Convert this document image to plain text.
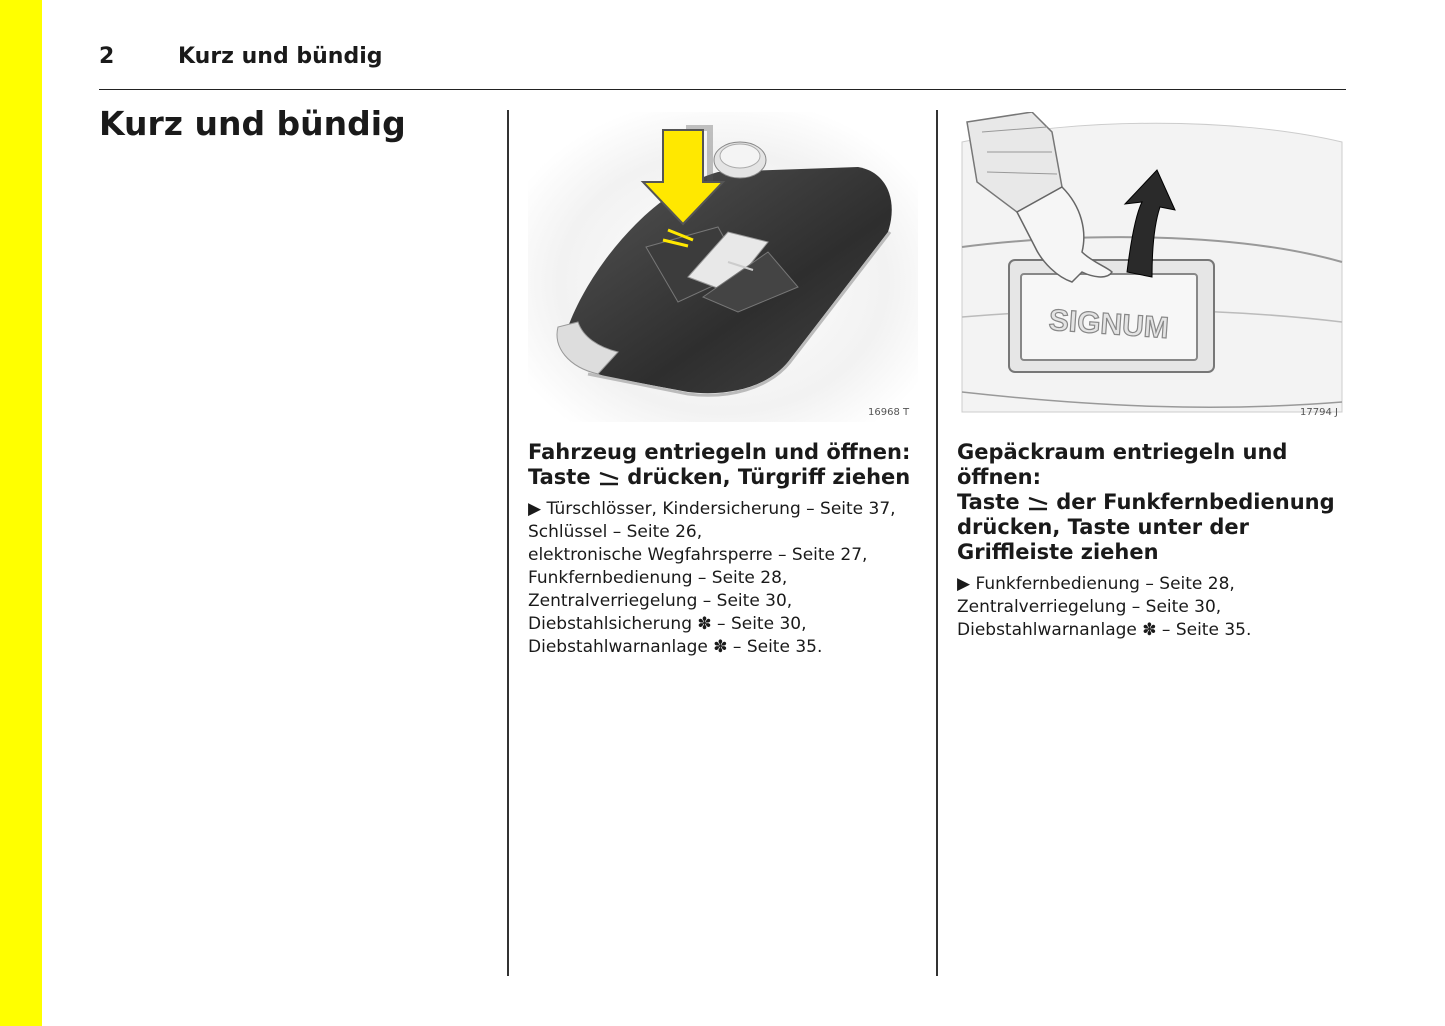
2	Kurz und bündig
Kurz und bündig
16968 T
SIGNUM
17794 J
Fahrzeug entriegeln und öffnen:
Taste drücken, Türgriff ziehen

▶ Türschlösser, Kindersicherung – Seite 37,
Schlüssel – Seite 26,
elektronische Wegfahrsperre – Seite 27,
Funkfernbedienung – Seite 28,
Zentralverriegelung – Seite 30,
Diebstahlsicherung ✽ – Seite 30,
Diebstahlwarnanlage ✽ – Seite 35.

Gepäckraum entriegeln und
öffnen:
Taste der Funkfernbedienung
drücken, Taste unter der
Griffleiste ziehen

▶ Funkfernbedienung – Seite 28,
Zentralverriegelung – Seite 30,
Diebstahlwarnanlage ✽ – Seite 35.
